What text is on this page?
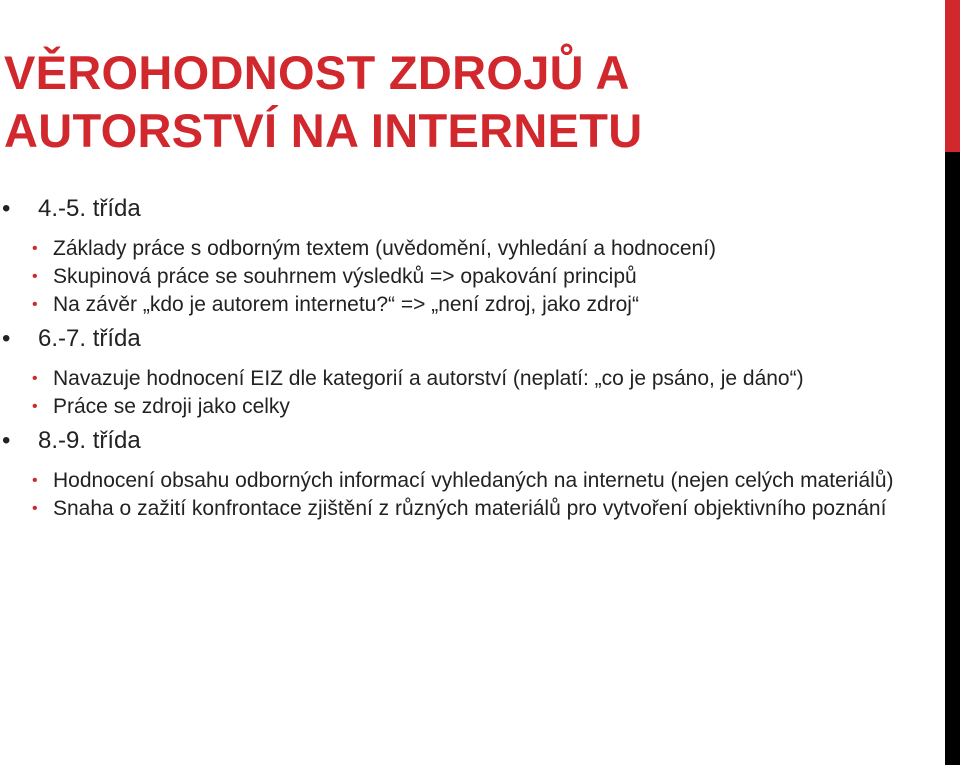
VĚROHODNOST ZDROJŮ A
AUTORSTVÍ NA INTERNETU
• 4.-5. třída
• Základy práce s odborným textem (uvědomění, vyhledání a hodnocení)
• Skupinová práce se souhrnem výsledků => opakování principů
• Na závěr „kdo je autorem internetu?“ => „není zdroj, jako zdroj“
• 6.-7. třída
• Navazuje hodnocení EIZ dle kategorií a autorství (neplatí: „co je psáno, je dáno“)
• Práce se zdroji jako celky
• 8.-9. třída
• Hodnocení obsahu odborných informací vyhledaných na internetu (nejen celých materiálů)
• Snaha o zažití konfrontace zjištění z různých materiálů pro vytvoření objektivního poznání
